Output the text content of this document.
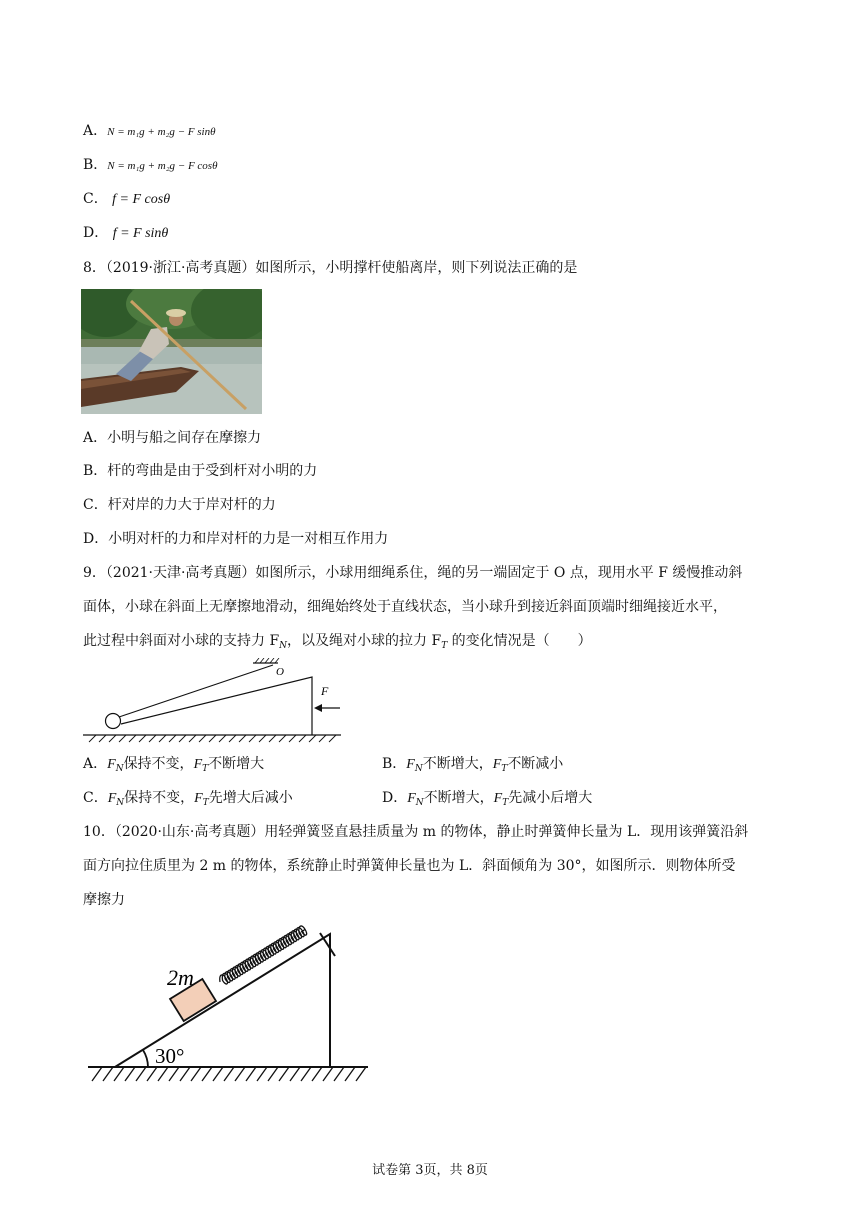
A．N = m₁g + m₂g − F sinθ
B．N = m₁g + m₂g − F cosθ
C． f = F cosθ
D． f = F sinθ
8．（2019·浙江·高考真题）如图所示，小明撑杆使船离岸，则下列说法正确的是
A．小明与船之间存在摩擦力
B．杆的弯曲是由于受到杆对小明的力
C．杆对岸的力大于岸对杆的力
D．小明对杆的力和岸对杆的力是一对相互作用力
9．（2021·天津·高考真题）如图所示，小球用细绳系住，绳的另一端固定于 O 点，现用水平 F 缓慢推动斜
面体，小球在斜面上无摩擦地滑动，细绳始终处于直线状态，当小球升到接近斜面顶端时细绳接近水平，
此过程中斜面对小球的支持力 $F_N$，以及绳对小球的拉力 $F_T$ 的变化情况是（　　）
O
F
A．$F_N$保持不变，$F_T$不断增大	B．$F_N$不断增大，$F_T$不断减小
C．$F_N$保持不变，$F_T$先增大后减小	D．$F_N$不断增大，$F_T$先减小后增大
10．（2020·山东·高考真题）用轻弹簧竖直悬挂质量为 m 的物体，静止时弹簧伸长量为 L．现用该弹簧沿斜
面方向拉住质里为 2 m 的物体，系统静止时弹簧伸长量也为 L．斜面倾角为 30°，如图所示．则物体所受
摩擦力
30°
2m
试卷第 3页，共 8页
